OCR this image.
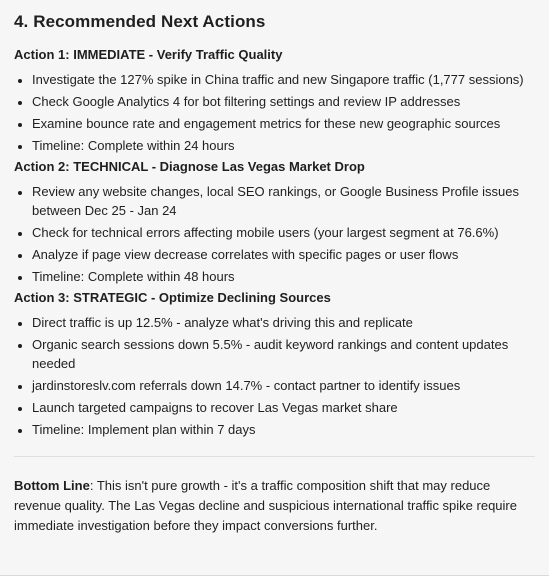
4. Recommended Next Actions

Action 1: IMMEDIATE - Verify Traffic Quality

• Investigate the 127% spike in China traffic and new Singapore traffic (1,777 sessions)
• Check Google Analytics 4 for bot filtering settings and review IP addresses
• Examine bounce rate and engagement metrics for these new geographic sources
• Timeline: Complete within 24 hours

Action 2: TECHNICAL - Diagnose Las Vegas Market Drop

• Review any website changes, local SEO rankings, or Google Business Profile issues between Dec 25 - Jan 24
• Check for technical errors affecting mobile users (your largest segment at 76.6%)
• Analyze if page view decrease correlates with specific pages or user flows
• Timeline: Complete within 48 hours

Action 3: STRATEGIC - Optimize Declining Sources

• Direct traffic is up 12.5% - analyze what's driving this and replicate
• Organic search sessions down 5.5% - audit keyword rankings and content updates needed
• jardinstoreslv.com referrals down 14.7% - contact partner to identify issues
• Launch targeted campaigns to recover Las Vegas market share
• Timeline: Implement plan within 7 days

Bottom Line: This isn't pure growth - it's a traffic composition shift that may reduce revenue quality. The Las Vegas decline and suspicious international traffic spike require immediate investigation before they impact conversions further.
